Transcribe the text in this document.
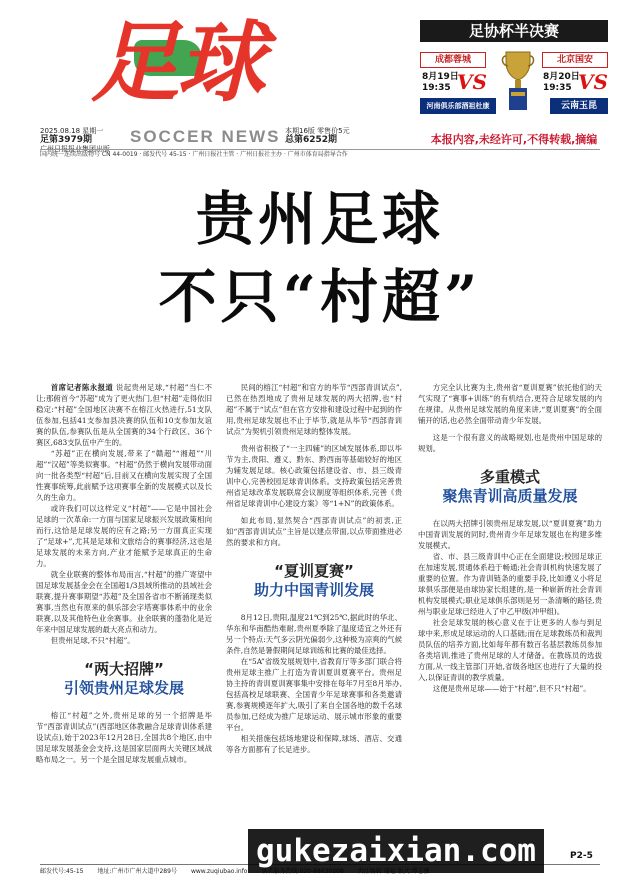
足 球
SOCCER NEWS
2025.08.18 星期一
足第3979期
广州日报报业集团出版
本期16版 零售价5元
总第6252期
国内统一连续出版物号 CN 44-0019 · 邮发代号 45-15 · 广州日报社主管 · 广州日报社主办 · 广州市体育局指导合作
足协杯半决赛
成都蓉城
8月19日
19:35 VS
河南俱乐部酒祖杜康
北京国安
8月20日
19:35 VS
云南玉昆
本报内容,未经许可,不得转载,摘编
贵州足球
不只“村超”

首席记者陈永报道 说起贵州足球,“村超”当仁不让;那俯首今“苏超”成为了更火热门,但“村超”走得依旧稳定:“村超”全国地区决赛不在榕江火热进行,51支队伍参加,包括41支参加县决赛的队伍和10支参加友谊赛的队伍,参赛队伍是从全国赛的34个行政区、36个赛区,683支队伍中产生的。

“苏超”正在横向发展,带来了“赣超”“湘超”“川超”“汉超”等类似赛事。“村超”仍然于横向发展带动面向一批各类型“村超”后,目前又在横向发展实现了全国性赛事统筹,此前赋予这项赛事全新的发展模式以及长久的生命力。

或许我们可以这样定义“村超”——它是中国社会足球的一次革命:一方面与国家足球振兴发展政策相向而行,这恰是足球发展的应有之路;另一方面真正实现了“足球+”,尤其是足球和文旅结合的赛事经济,这也是足球发展的未来方向,产业才能赋予足球真正的生命力。

就全业联赛的整体布局而言,“村超”的推广寄望中国足球发展基金会在全国超1/3县域所推动的县域社会联赛,提升赛事期望“苏超”及全国各省市不断涌现类似赛事,当然也有原来的俱乐部会字塔赛事体系中的业余联赛,以及其他特色业余赛事。业余联赛的蓬勃化是近年来中国足球发展的最大亮点和动力。

但贵州足球,不只“村超”。

“两大招牌”
引领贵州足球发展

榕江“村超”之外,贵州足球的另一个招牌是毕节“西部青训试点”(西部地区体教融合足球青训体系建设试点),始于2023年12月28日,全国共8个地区,由中国足球发展基金会支持,这是国家层面两大关键区域战略布局之一。另一个是全国足球发展重点城市。

民间的榕江“村超”和官方的毕节“西部青训试点”,已然在热烈地成了贵州足球发展的两大招牌,也“村超”不属于“试点”但在官方安排和建设过程中起到的作用,贵州足球发展也不止于毕节,就是从毕节“西部青训试点”为契机引领贵州足球的整体发展。

贵州省积极了“一主四辅”的区域发展体系,即以毕节为主,贵阳、遵义、黔东、黔西南等基础较好的地区为辅发展足球。核心政策包括建设省、市、县三级青训中心,完善校园足球青训体系。支持政策包括完善贵州省足球改革发展联席会议制度等组织体系,完善《贵州省足球青训中心建设方案》等“1+N”的政策体系。

如此布局,显然契合“西部青训试点”的初衷,正如“西部青训试点”主旨是以建点带面,以点带面推进必然的要求和方向。

“夏训夏赛”
助力中国青训发展

8月12日,贵阳,温度21℃到25℃,据此时的华北、华东和华南酷热难耐,贵州夏季除了温度适宜之外还有另一个特点:天气多云阴光偏弱少,这种极为凉爽的气候条件,自然是暑假期间足球训练和比赛的最佳选择。

在“5A”省级发展规划中,省教育厅等多部门联合将贵州足球主推广上打造为青训夏训夏赛平台。贵州足协主持的青训夏训赛事集中安排在每年7月至8月举办,包括高校足球联赛、全国青少年足球赛事和各类邀请赛,参赛规模逐年扩大,吸引了来自全国各地的数千名球员参加,已经成为推广足球运动、展示城市形象的重要平台。

相关措施包括场地建设和保障,球场、酒店、交通等各方面都有了长足进步。

方完全认比赛为主,贵州省“夏训夏赛”依托他们的天气实现了“赛事+训练”的有机结合,更符合足球发展的内在规律。从贵州足球发展的角度来讲,“夏训夏赛”的全面铺开的话,也必然全面带动青少年发展。

这是一个很有意义的战略规划,也是贵州中国足球的规划。

多重模式
聚焦青训高质量发展

在以两大招牌引领贵州足球发展,以“夏训夏赛”助力中国青训发展的同时,贵州青少年足球发展也在构建多维发展模式。

省、市、县三级青训中心正在全面建设;校园足球正在加速发展,贯通体系趋于畅通;社会青训机构快速发展了重要的位置。作为青训链条的重要手段,比如遵义小将足球俱乐部便是由球协家长组建的,是一种崭新的社会青训机构发展模式;职业足球俱乐部则是另一条清晰的路径,贵州与职业足球已经进入了中乙甲级(冲甲组)。

社会足球发展的核心意义在于让更多的人参与到足球中来,形成足球运动的人口基础;而在足球教练员和裁判员队伍的培养方面,比如每年都有数百名基层教练员参加各类培训,推进了贵州足球的人才储备。在教练员的选拔方面,从一线主管部门开始,省级各地区也进行了大量的投入,以保证青训的教学质量。

这便是贵州足球——始于“村超”,但不只“村超”。

P2-5
邮发代号:45-15 地址:广州市广州大道中289号 www.zuqiubao.info
gukezaixian.com
